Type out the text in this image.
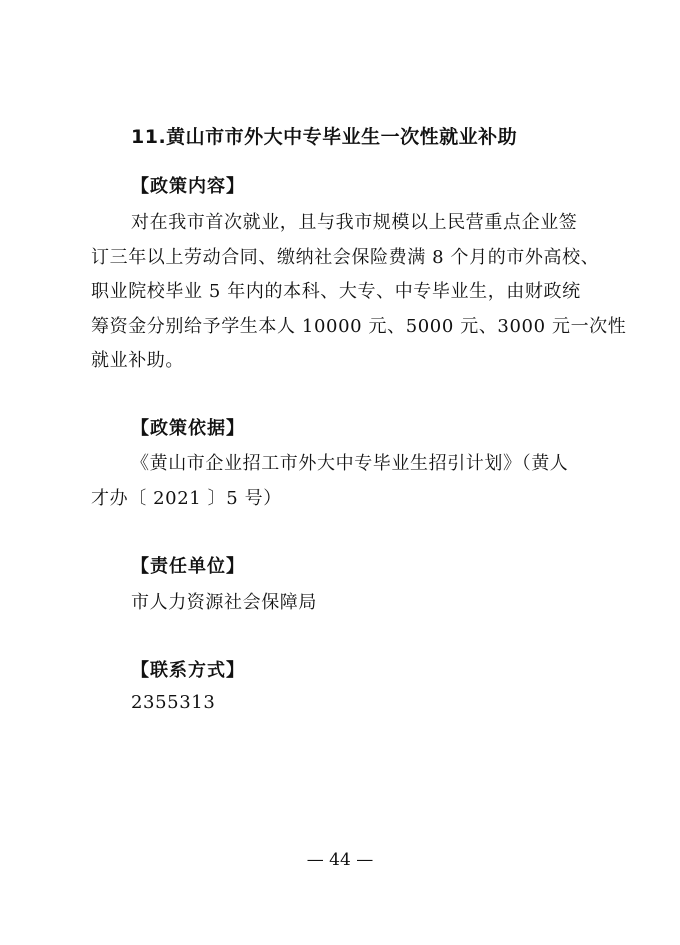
11.黄山市市外大中专毕业生一次性就业补助
【政策内容】
对在我市首次就业，且与我市规模以上民营重点企业签
订三年以上劳动合同、缴纳社会保险费满 8 个月的市外高校、
职业院校毕业 5 年内的本科、大专、中专毕业生，由财政统
筹资金分别给予学生本人 10000 元、5000 元、3000 元一次性
就业补助。
【政策依据】
《黄山市企业招工市外大中专毕业生招引计划》（黄人
才办〔 2021 〕5 号）
【责任单位】
市人力资源社会保障局
【联系方式】
2355313
— 44 —
